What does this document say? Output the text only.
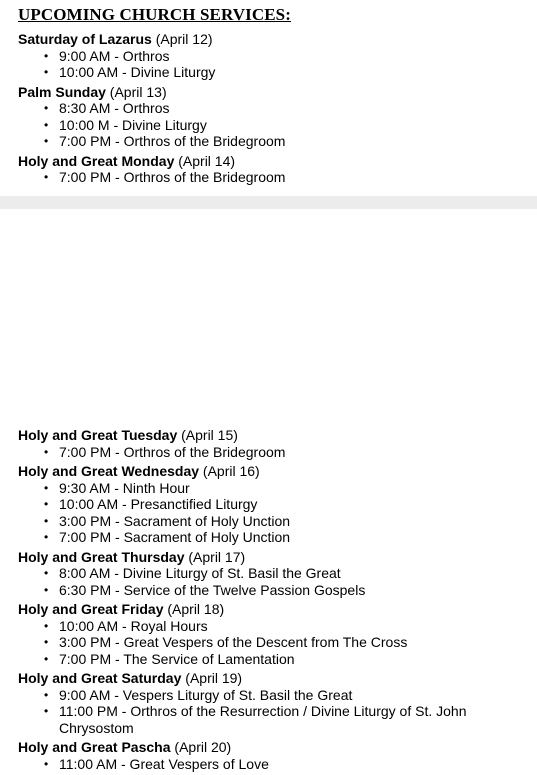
UPCOMING CHURCH SERVICES:
Saturday of Lazarus (April 12)
• 9:00 AM - Orthros
• 10:00 AM - Divine Liturgy
Palm Sunday (April 13)
• 8:30 AM - Orthros
• 10:00 M - Divine Liturgy
• 7:00 PM - Orthros of the Bridegroom
Holy and Great Monday (April 14)
• 7:00 PM - Orthros of the Bridegroom
Holy and Great Tuesday (April 15)
• 7:00 PM - Orthros of the Bridegroom
Holy and Great Wednesday (April 16)
• 9:30 AM - Ninth Hour
• 10:00 AM - Presanctified Liturgy
• 3:00 PM - Sacrament of Holy Unction
• 7:00 PM - Sacrament of Holy Unction
Holy and Great Thursday (April 17)
• 8:00 AM - Divine Liturgy of St. Basil the Great
• 6:30 PM - Service of the Twelve Passion Gospels
Holy and Great Friday (April 18)
• 10:00 AM - Royal Hours
• 3:00 PM - Great Vespers of the Descent from The Cross
• 7:00 PM - The Service of Lamentation
Holy and Great Saturday (April 19)
• 9:00 AM - Vespers Liturgy of St. Basil the Great
• 11:00 PM - Orthros of the Resurrection / Divine Liturgy of St. John Chrysostom
Holy and Great Pascha (April 20)
• 11:00 AM - Great Vespers of Love
